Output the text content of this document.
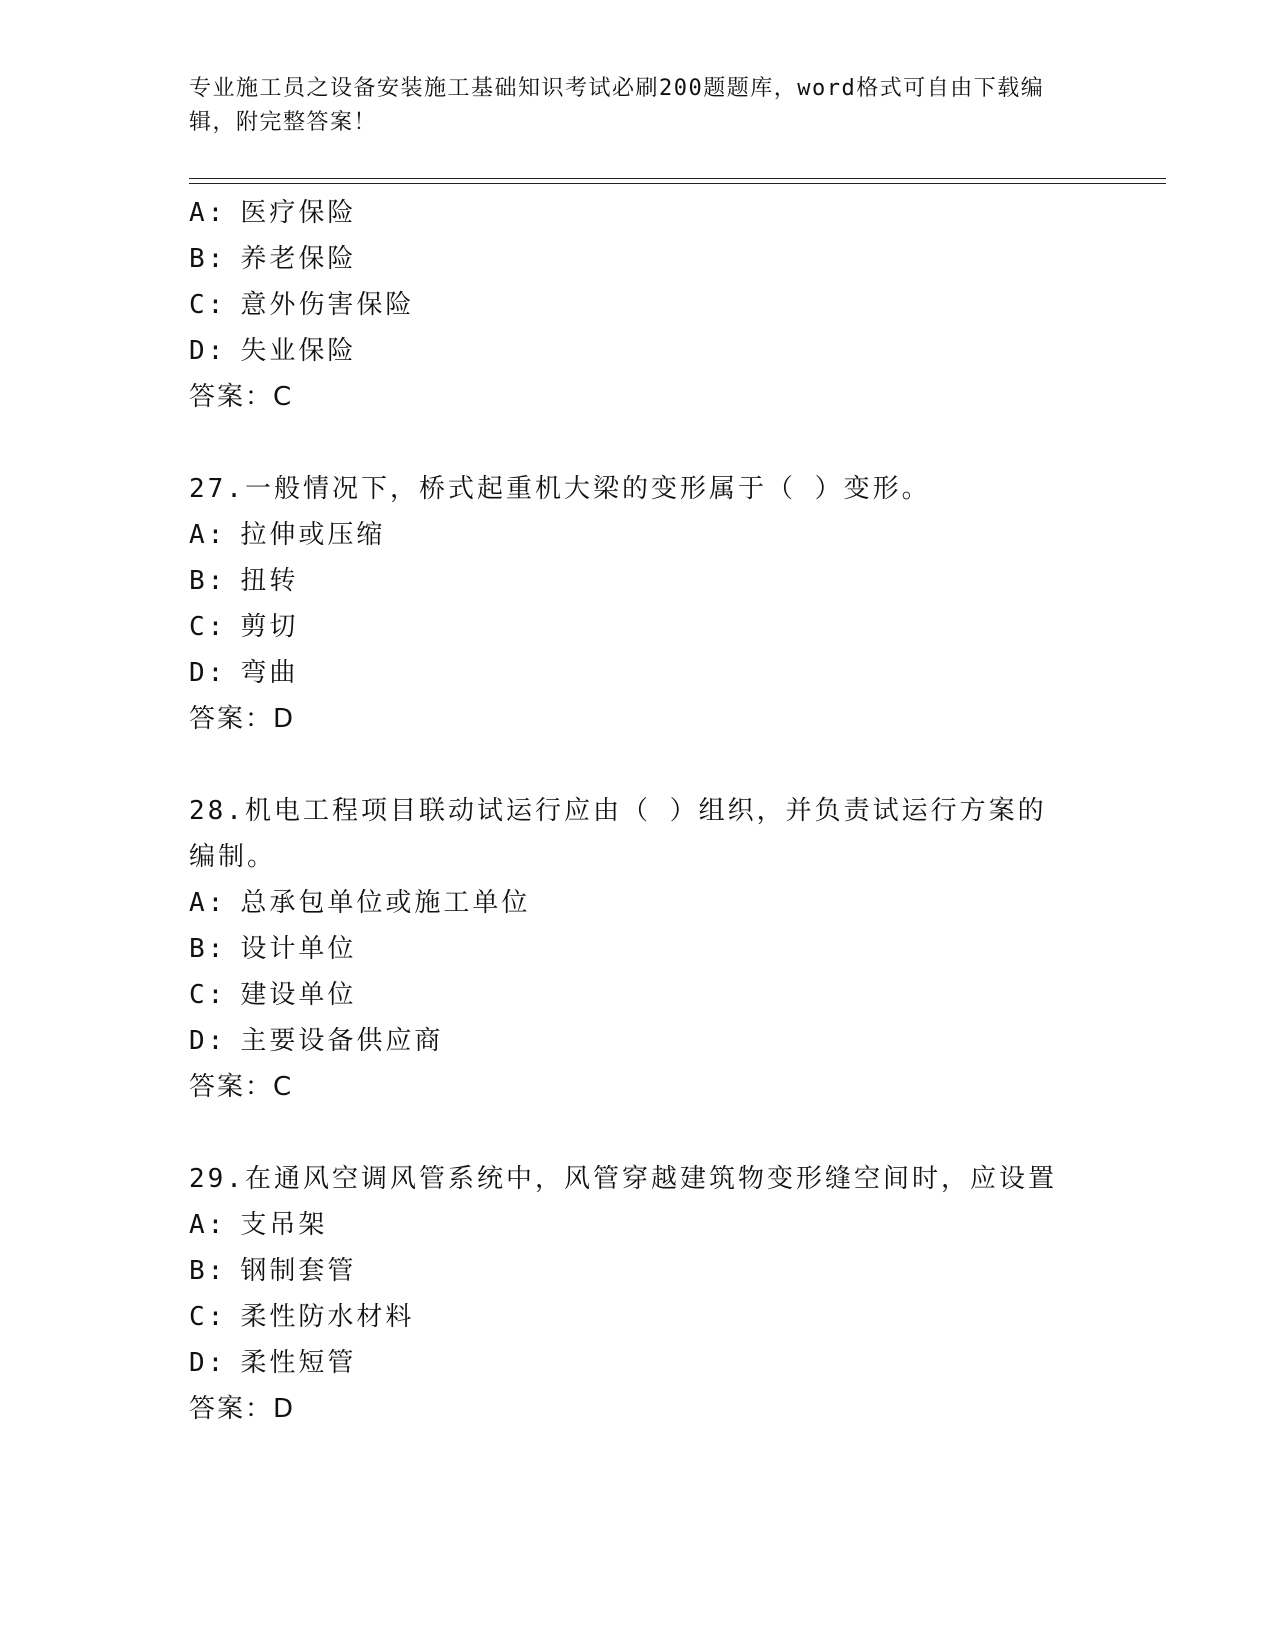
专业施工员之设备安装施工基础知识考试必刷200题题库，word格式可自由下载编辑，附完整答案！
A: 医疗保险
B: 养老保险
C: 意外伤害保险
D: 失业保险
答案：C
27.一般情况下，桥式起重机大梁的变形属于（ ）变形。
A: 拉伸或压缩
B: 扭转
C: 剪切
D: 弯曲
答案：D
28.机电工程项目联动试运行应由（ ）组织，并负责试运行方案的编制。
A: 总承包单位或施工单位
B: 设计单位
C: 建设单位
D: 主要设备供应商
答案：C
29.在通风空调风管系统中，风管穿越建筑物变形缝空间时，应设置
A: 支吊架
B: 钢制套管
C: 柔性防水材料
D: 柔性短管
答案：D
